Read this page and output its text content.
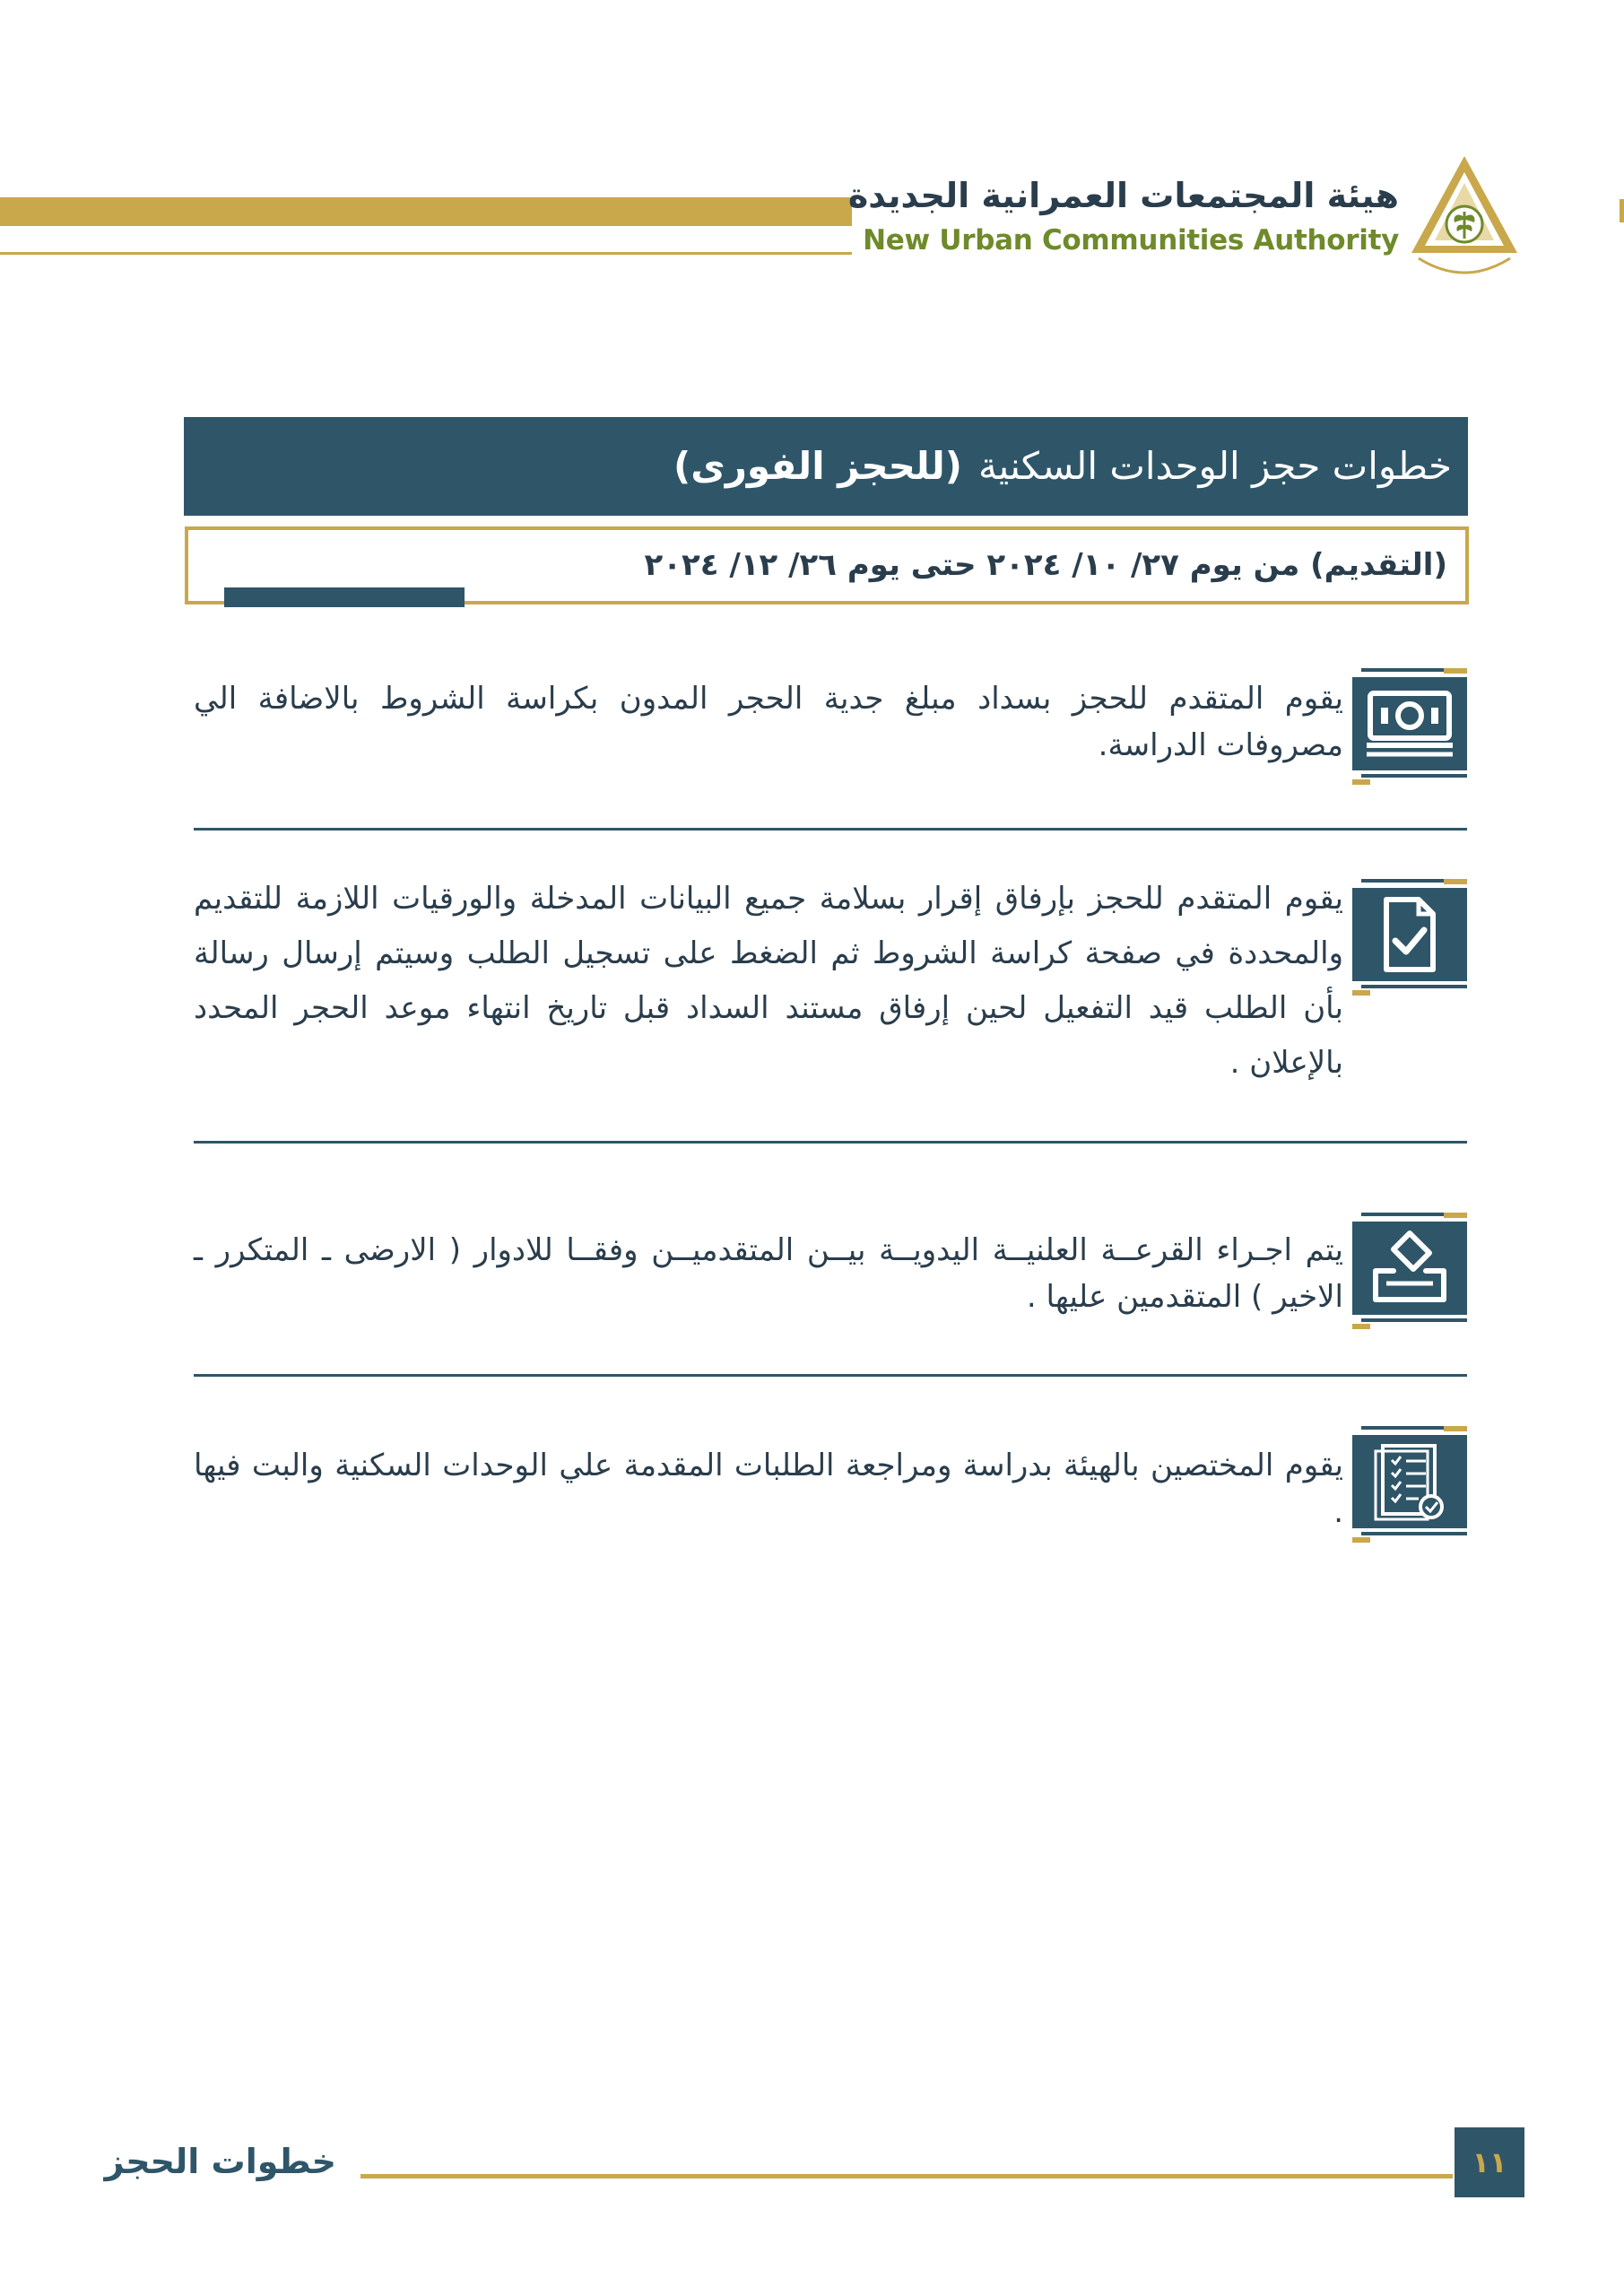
هيئة المجتمعات العمرانية الجديدة
New Urban Communities Authority
خطوات حجز الوحدات السكنية(للحجز الفورى)
(التقديم) من يوم ٢٧/ ١٠/ ٢٠٢٤ حتى يوم ٢٦/ ١٢/ ٢٠٢٤
يقوم المتقدم للحجز بسداد مبلغ جدية الحجر المدون بكراسة الشروط بالاضافة الي مصروفات الدراسة.
يقوم المتقدم للحجز بإرفاق إقرار بسلامة جميع البيانات المدخلة والورقيات اللازمة للتقديم والمحددة في صفحة كراسة الشروط ثم الضغط على تسجيل الطلب وسيتم إرسال رسالة بأن الطلب قيد التفعيل لحين إرفاق مستند السداد قبل تاريخ انتهاء موعد الحجر المحدد بالإعلان .
يتم اجـراء القرعــة العلنيــة اليدويــة بيــن المتقدميــن وفقــا للادوار ( الارضى ـ المتكرر ـ الاخير ) المتقدمين عليها .
يقوم المختصين بالهيئة بدراسة ومراجعة الطلبات المقدمة علي الوحدات السكنية والبت فيها .
خطوات الحجز	١١
